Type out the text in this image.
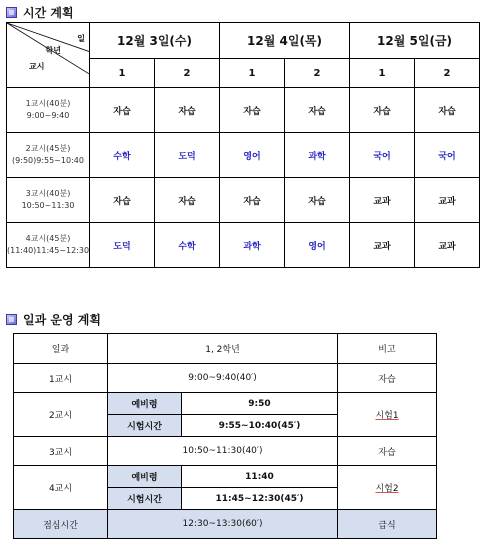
시간 계획
일
학년
교시	12월 3일(수)		12월 4일(목)		12월 5일(금)	
	1	2	1	2	1	2

1교시(40분)
9:00~9:40	자습	자습	자습	자습	자습	자습

2교시(45분)
(9:50)9:55~10:40	수학	도덕	영어	과학	국어	국어

3교시(40분)
10:50~11:30	자습	자습	자습	자습	교과	교과

4교시(45분)
(11:40)11:45~12:30	도덕	수학	과학	영어	교과	교과
일과 운영 계획
일과	1, 2학년		비고
1교시	9:00~9:40(40′)		자습
2교시	예비령	9:50	시험1
	시험시간	9:55~10:40(45′)	
3교시	10:50~11:30(40′)		자습
4교시	예비령	11:40	시험2
	시험시간	11:45~12:30(45′)	
점심시간	12:30~13:30(60′)		급식
